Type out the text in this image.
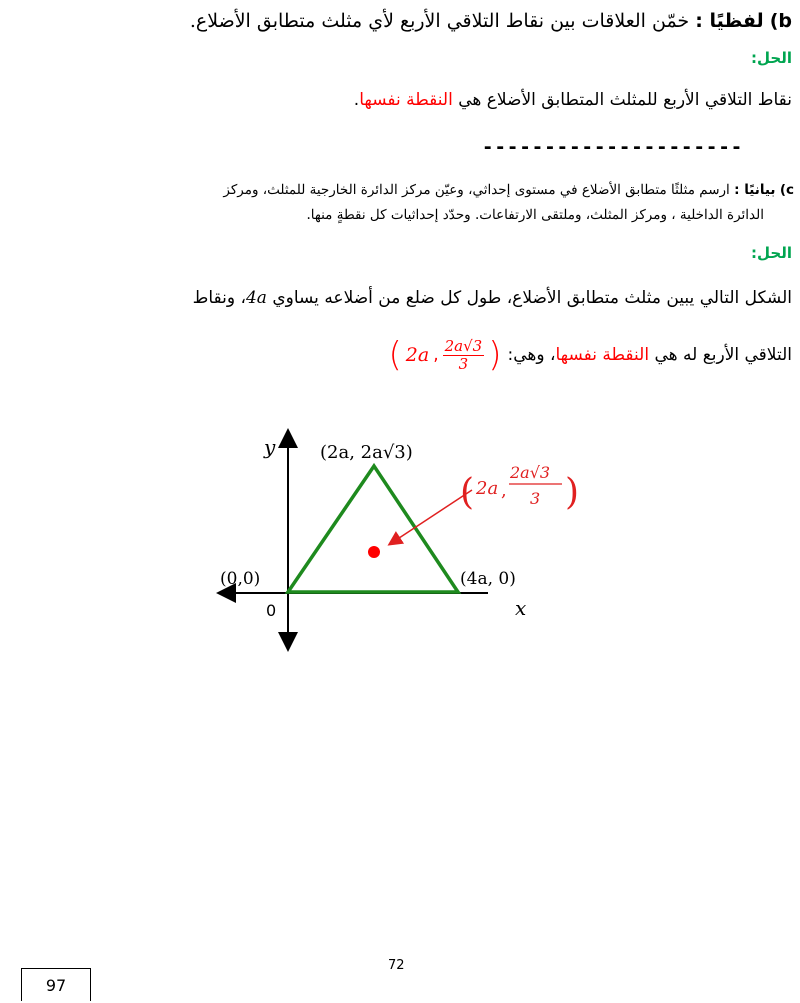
b) لفظيًا : خمّن العلاقات بين نقاط التلاقي الأربع لأي مثلث متطابق الأضلاع.
الحل:
نقاط التلاقي الأربع للمثلث المتطابق الأضلاع هي النقطة نفسها.
---------------------
c) بيانيًا : ارسم مثلثًا متطابق الأضلاع في مستوى إحداثي، وعيّن مركز الدائرة الخارجية للمثلث، ومركز
الدائرة الداخلية ، ومركز المثلث، وملتقى الارتفاعات. وحدّد إحداثيات كل نقطةٍ منها.
الحل:
الشكل التالي يبين مثلث متطابق الأضلاع، طول كل ضلع من أضلاعه يساوي 4a، ونقاط
التلاقي الأربع له هي النقطة نفسها، وهي:
( 2a , $\frac{2a√3}{3}$ )
y
x
0
(0,0)
(2a, 2a√3)
(4a, 0)
( 2a ,
2a√3
3 )
72
97
